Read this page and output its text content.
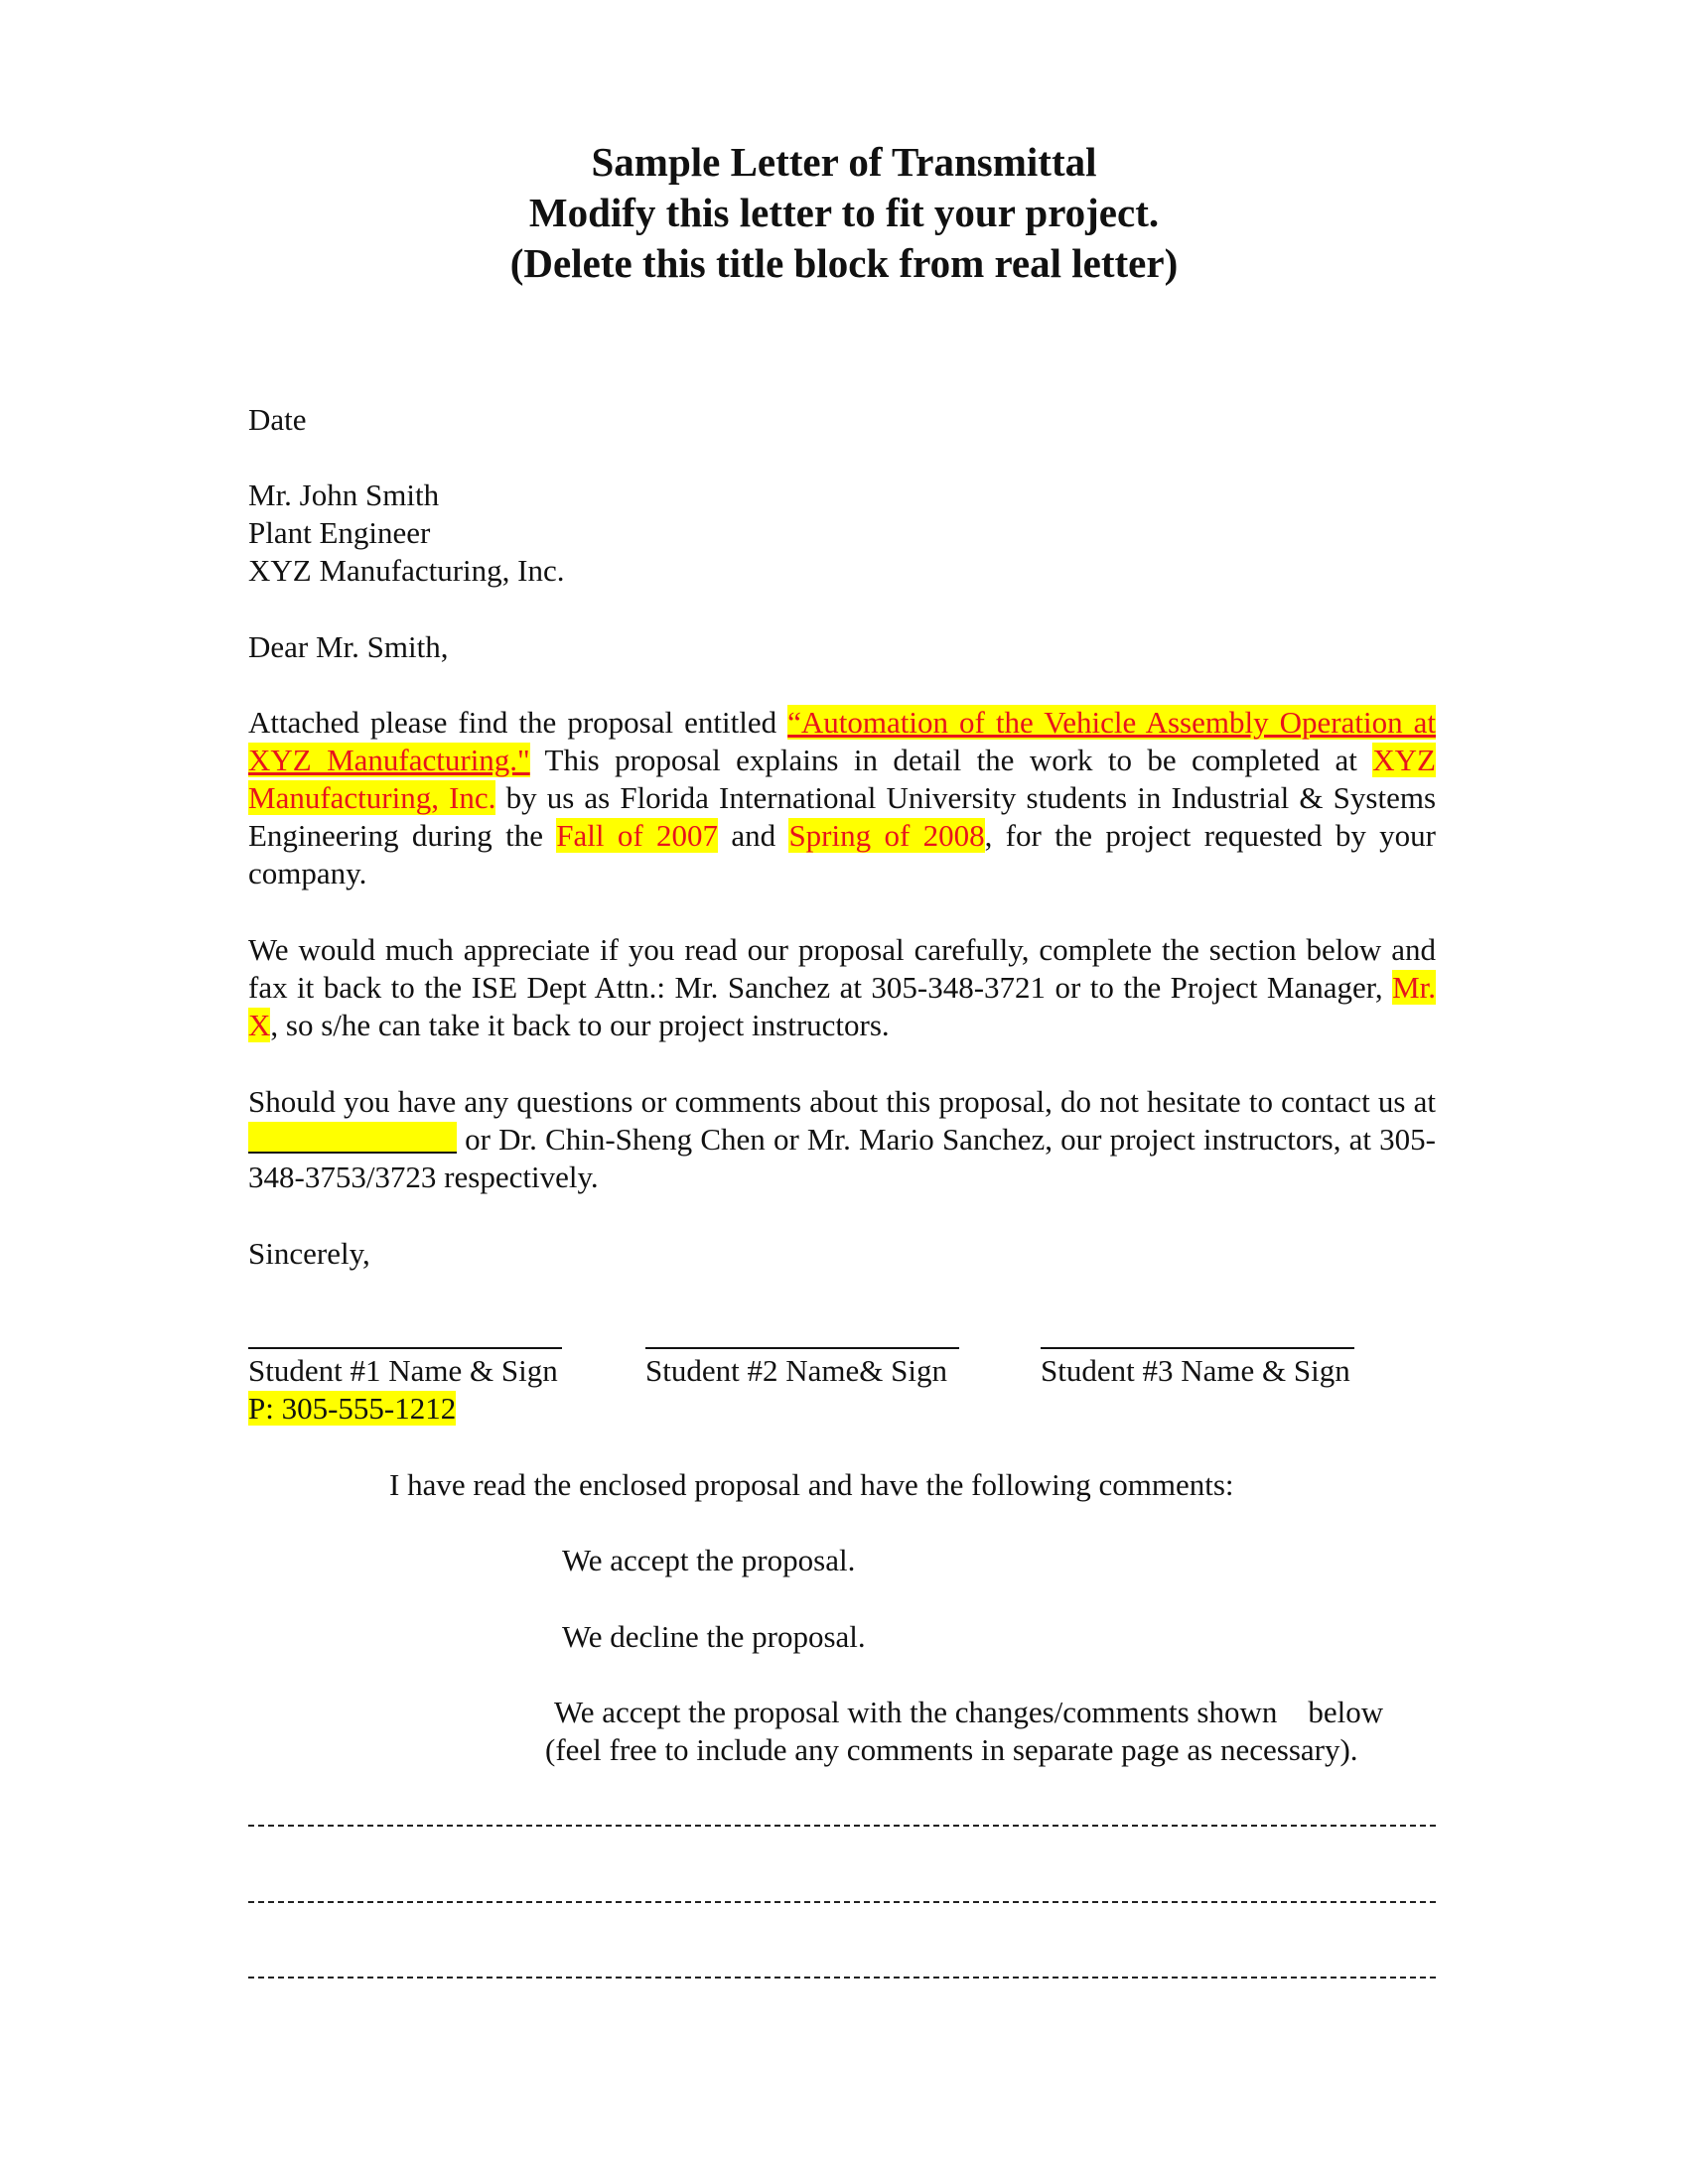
Sample Letter of Transmittal
Modify this letter to fit your project.
(Delete this title block from real letter)
Date
Mr. John Smith
Plant Engineer
XYZ Manufacturing, Inc.
Dear Mr. Smith,
Attached please find the proposal entitled “Automation of the Vehicle Assembly Operation at XYZ Manufacturing." This proposal explains in detail the work to be completed at XYZ Manufacturing, Inc. by us as Florida International University students in Industrial & Systems Engineering during the Fall of 2007 and Spring of 2008, for the project requested by your company.
We would much appreciate if you read our proposal carefully, complete the section below and fax it back to the ISE Dept Attn.: Mr. Sanchez at 305-348-3721 or to the Project Manager, Mr. X, so s/he can take it back to our project instructors.
Should you have any questions or comments about this proposal, do not hesitate to contact us at  or Dr. Chin-Sheng Chen or Mr. Mario Sanchez, our project instructors, at 305-348-3753/3723 respectively.
Sincerely,
Student #1 Name & Sign	Student #2 Name& Sign	Student #3 Name & Sign
P: 305-555-1212
I have read the enclosed proposal and have the following comments:
We accept the proposal.
We decline the proposal.
We accept the proposal with the changes/comments shown    below
(feel free to include any comments in separate page as necessary).
